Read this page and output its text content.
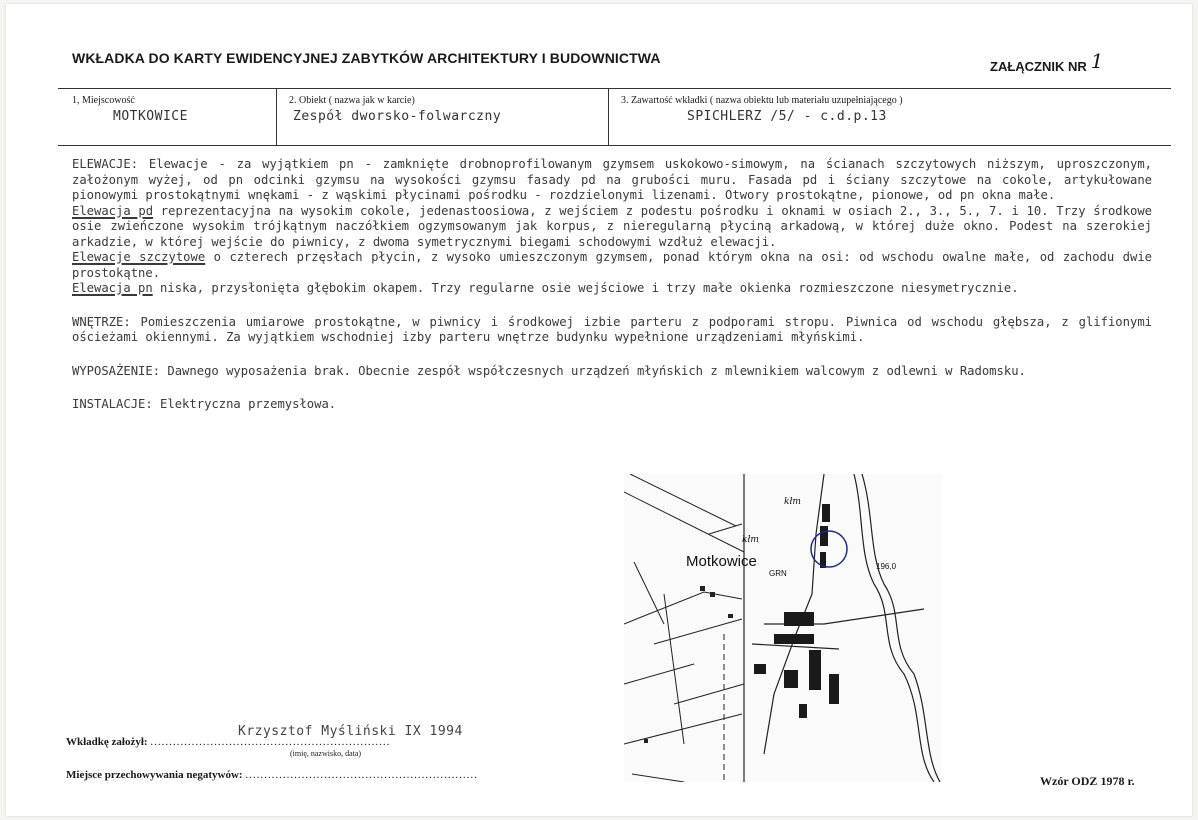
WKŁADKA DO KARTY EWIDENCYJNEJ ZABYTKÓW ARCHITEKTURY I BUDOWNICTWA
ZAŁĄCZNIK NR 1
1, Miejscowość
MOTKOWICE
2. Obiekt ( nazwa jak w karcie)
Zespół dworsko-folwarczny
3. Zawartość wkładki ( nazwa obiektu lub materiału uzupełniającego )
SPICHLERZ /5/ - c.d.p.13

ELEWACJE: Elewacje - za wyjątkiem pn - zamknięte drobnoprofilowanym gzymsem uskokowo-simowym, na ścianach szczytowych niższym, uproszczonym, założonym wyżej, od pn odcinki gzymsu na wysokości gzymsu fasady pd na grubości muru. Fasada pd i ściany szczytowe na cokole, artykułowane pionowymi prostokątnymi wnękami - z wąskimi płycinami pośrodku - rozdzielonymi lizenami. Otwory prostokątne, pionowe, od pn okna małe.

Elewacja pd reprezentacyjna na wysokim cokole, jedenastoosiowa, z wejściem z podestu pośrodku i oknami w osiach 2., 3., 5., 7. i 10. Trzy środkowe osie zwieńczone wysokim trójkątnym naczółkiem ogzymsowanym jak korpus, z nieregularną płyciną arkadową, w której duże okno. Podest na szerokiej arkadzie, w której wejście do piwnicy, z dwoma symetrycznymi biegami schodowymi wzdłuż elewacji.

Elewacje szczytowe o czterech przęsłach płycin, z wysoko umieszczonym gzymsem, ponad którym okna na osi: od wschodu owalne małe, od zachodu dwie prostokątne.

Elewacja pn niska, przysłonięta głębokim okapem. Trzy regularne osie wejściowe i trzy małe okienka rozmieszczone niesymetrycznie.

WNĘTRZE: Pomieszczenia umiarowe prostokątne, w piwnicy i środkowej izbie parteru z podporami stropu. Piwnica od wschodu głębsza, z glifionymi ościeżami okiennymi. Za wyjątkiem wschodniej izby parteru wnętrze budynku wypełnione urządzeniami młyńskimi.

WYPOSAŻENIE: Dawnego wyposażenia brak. Obecnie zespół współczesnych urządzeń młyńskich z mlewnikiem walcowym z odlewni w Radomsku.

INSTALACJE: Elektryczna przemysłowa.

Motkowice
GRN
kłm
kłm
196,0
Wkładkę założył: ................................................................
Krzysztof Myśliński IX 1994
(imię, nazwisko, data)
Miejsce przechowywania negatywów: ..............................................................	Wzór ODZ 1978 r.
